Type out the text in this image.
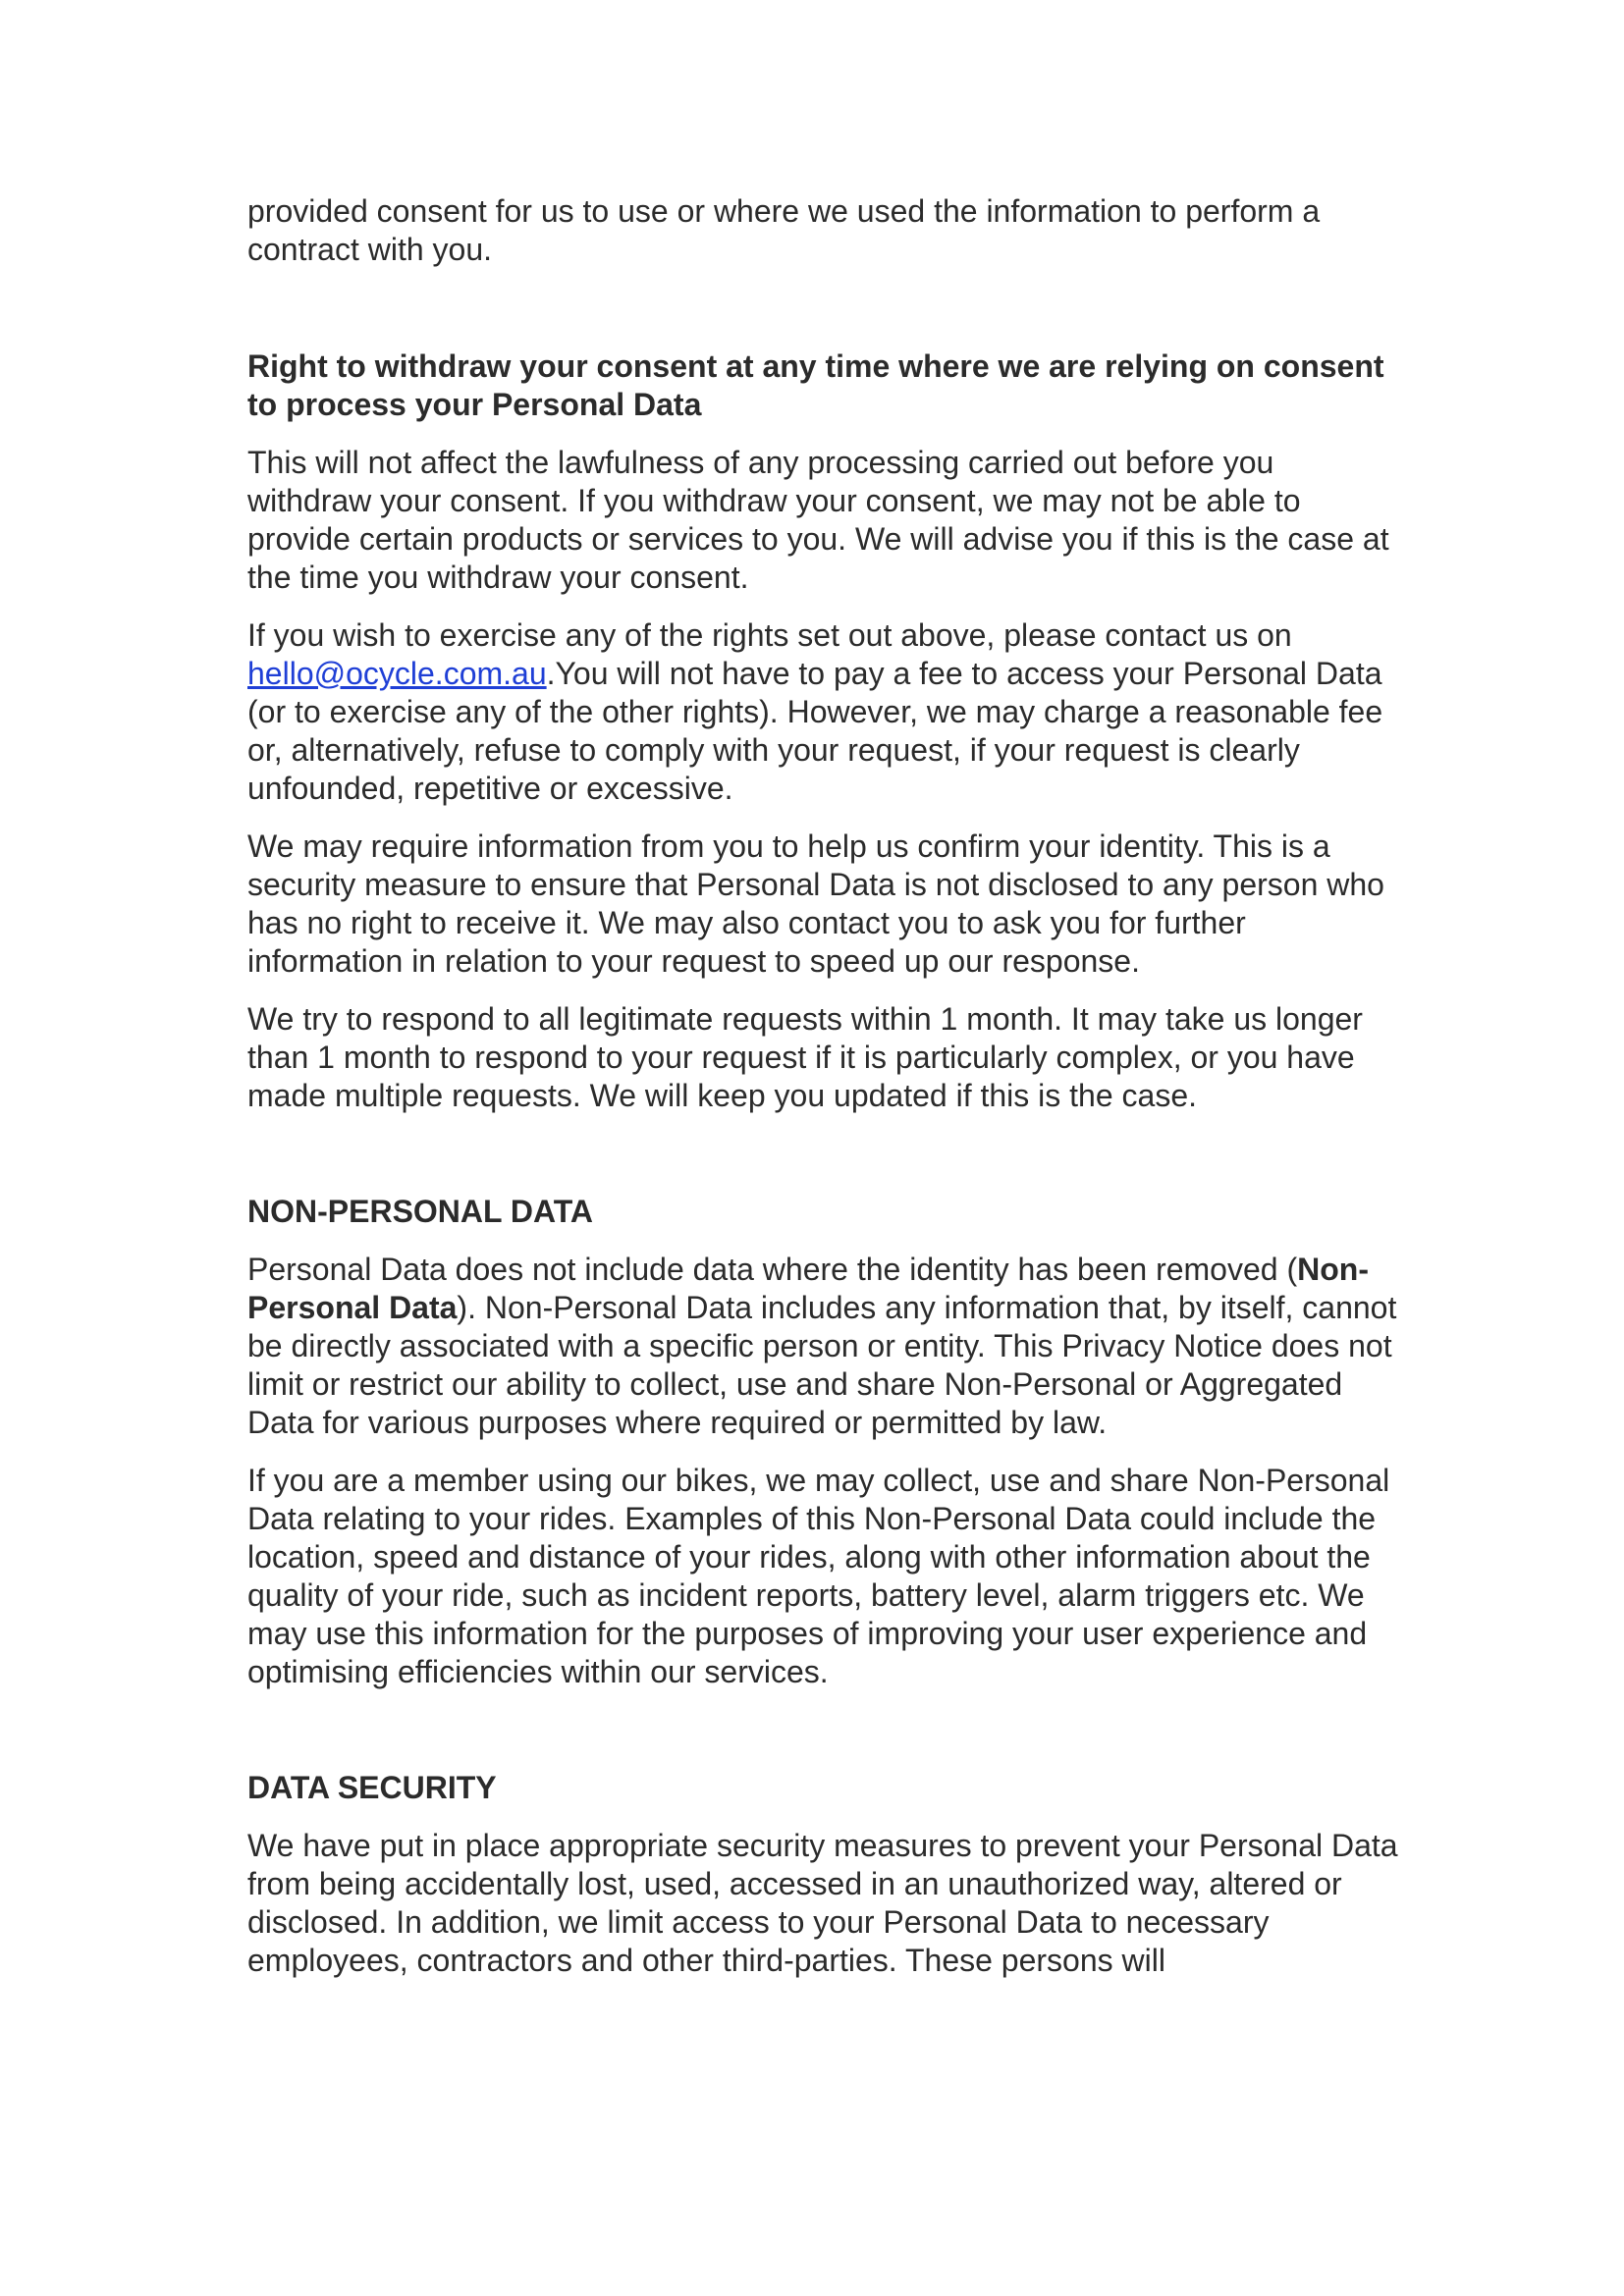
provided consent for us to use or where we used the information to perform a contract with you.

Right to withdraw your consent at any time where we are relying on consent to process your Personal Data

This will not affect the lawfulness of any processing carried out before you withdraw your consent. If you withdraw your consent, we may not be able to provide certain products or services to you. We will advise you if this is the case at the time you withdraw your consent.

If you wish to exercise any of the rights set out above, please contact us on hello@ocycle.com.au.You will not have to pay a fee to access your Personal Data (or to exercise any of the other rights). However, we may charge a reasonable fee or, alternatively, refuse to comply with your request, if your request is clearly unfounded, repetitive or excessive.

We may require information from you to help us confirm your identity. This is a security measure to ensure that Personal Data is not disclosed to any person who has no right to receive it. We may also contact you to ask you for further information in relation to your request to speed up our response.

We try to respond to all legitimate requests within 1 month. It may take us longer than 1 month to respond to your request if it is particularly complex, or you have made multiple requests. We will keep you updated if this is the case.

NON-PERSONAL DATA

Personal Data does not include data where the identity has been removed (Non-Personal Data). Non-Personal Data includes any information that, by itself, cannot be directly associated with a specific person or entity. This Privacy Notice does not limit or restrict our ability to collect, use and share Non-Personal or Aggregated Data for various purposes where required or permitted by law.

If you are a member using our bikes, we may collect, use and share Non-Personal Data relating to your rides. Examples of this Non-Personal Data could include the location, speed and distance of your rides, along with other information about the quality of your ride, such as incident reports, battery level, alarm triggers etc. We may use this information for the purposes of improving your user experience and optimising efficiencies within our services.

DATA SECURITY

We have put in place appropriate security measures to prevent your Personal Data from being accidentally lost, used, accessed in an unauthorized way, altered or disclosed. In addition, we limit access to your Personal Data to necessary employees, contractors and other third-parties. These persons will
